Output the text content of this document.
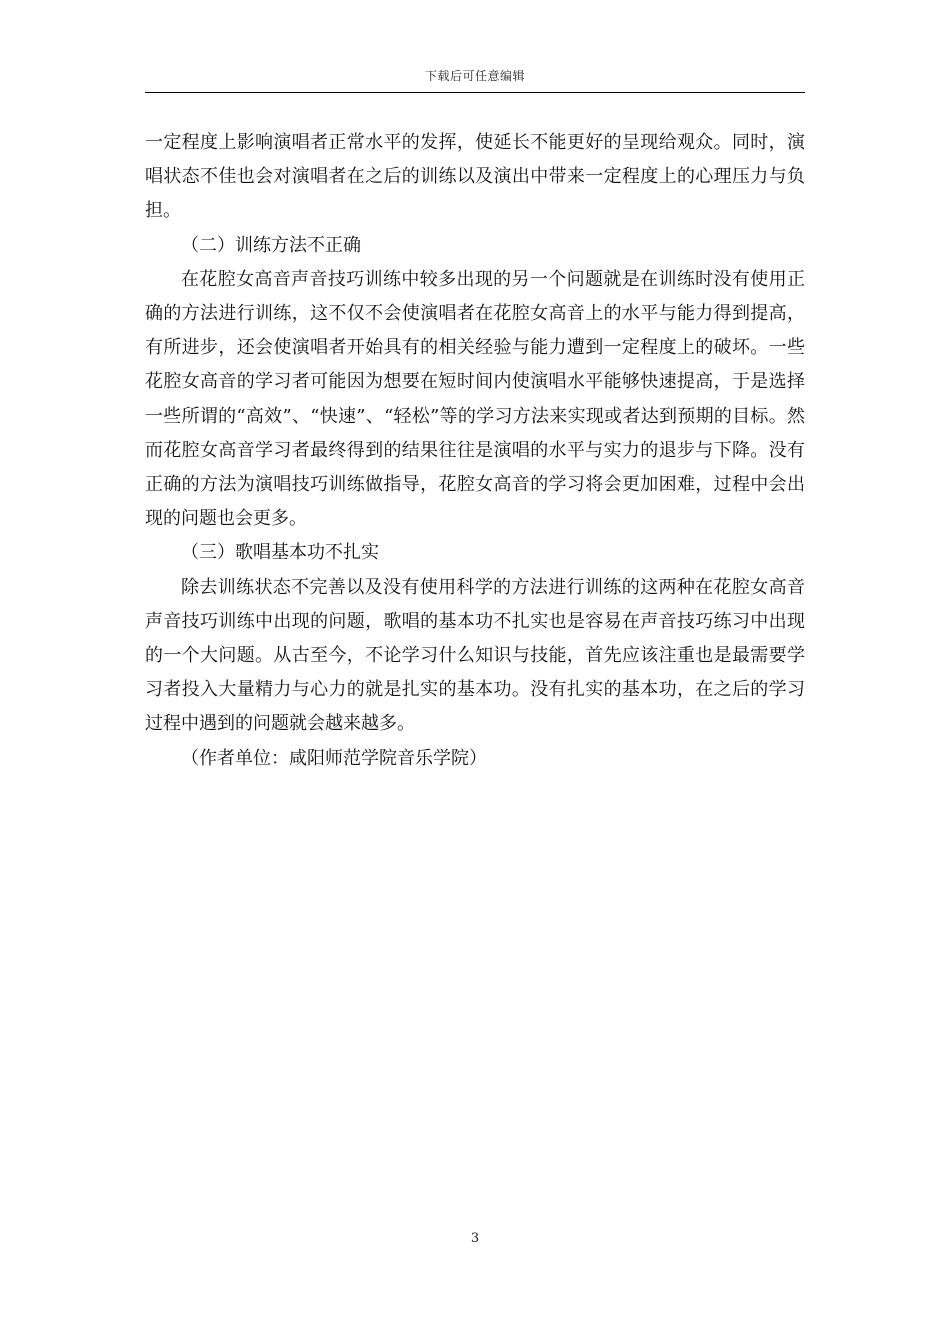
下载后可任意编辑

一定程度上影响演唱者正常水平的发挥，使延长不能更好的呈现给观众。同时，演唱状态不佳也会对演唱者在之后的训练以及演出中带来一定程度上的心理压力与负担。

（二）训练方法不正确

在花腔女高音声音技巧训练中较多出现的另一个问题就是在训练时没有使用正确的方法进行训练，这不仅不会使演唱者在花腔女高音上的水平与能力得到提高，有所进步，还会使演唱者开始具有的相关经验与能力遭到一定程度上的破坏。一些花腔女高音的学习者可能因为想要在短时间内使演唱水平能够快速提高，于是选择一些所谓的“高效”、“快速”、“轻松”等的学习方法来实现或者达到预期的目标。然而花腔女高音学习者最终得到的结果往往是演唱的水平与实力的退步与下降。没有正确的方法为演唱技巧训练做指导，花腔女高音的学习将会更加困难，过程中会出现的问题也会更多。

（三）歌唱基本功不扎实

除去训练状态不完善以及没有使用科学的方法进行训练的这两种在花腔女高音声音技巧训练中出现的问题，歌唱的基本功不扎实也是容易在声音技巧练习中出现的一个大问题。从古至今，不论学习什么知识与技能，首先应该注重也是最需要学习者投入大量精力与心力的就是扎实的基本功。没有扎实的基本功，在之后的学习过程中遇到的问题就会越来越多。

（作者单位：咸阳师范学院音乐学院）

3
